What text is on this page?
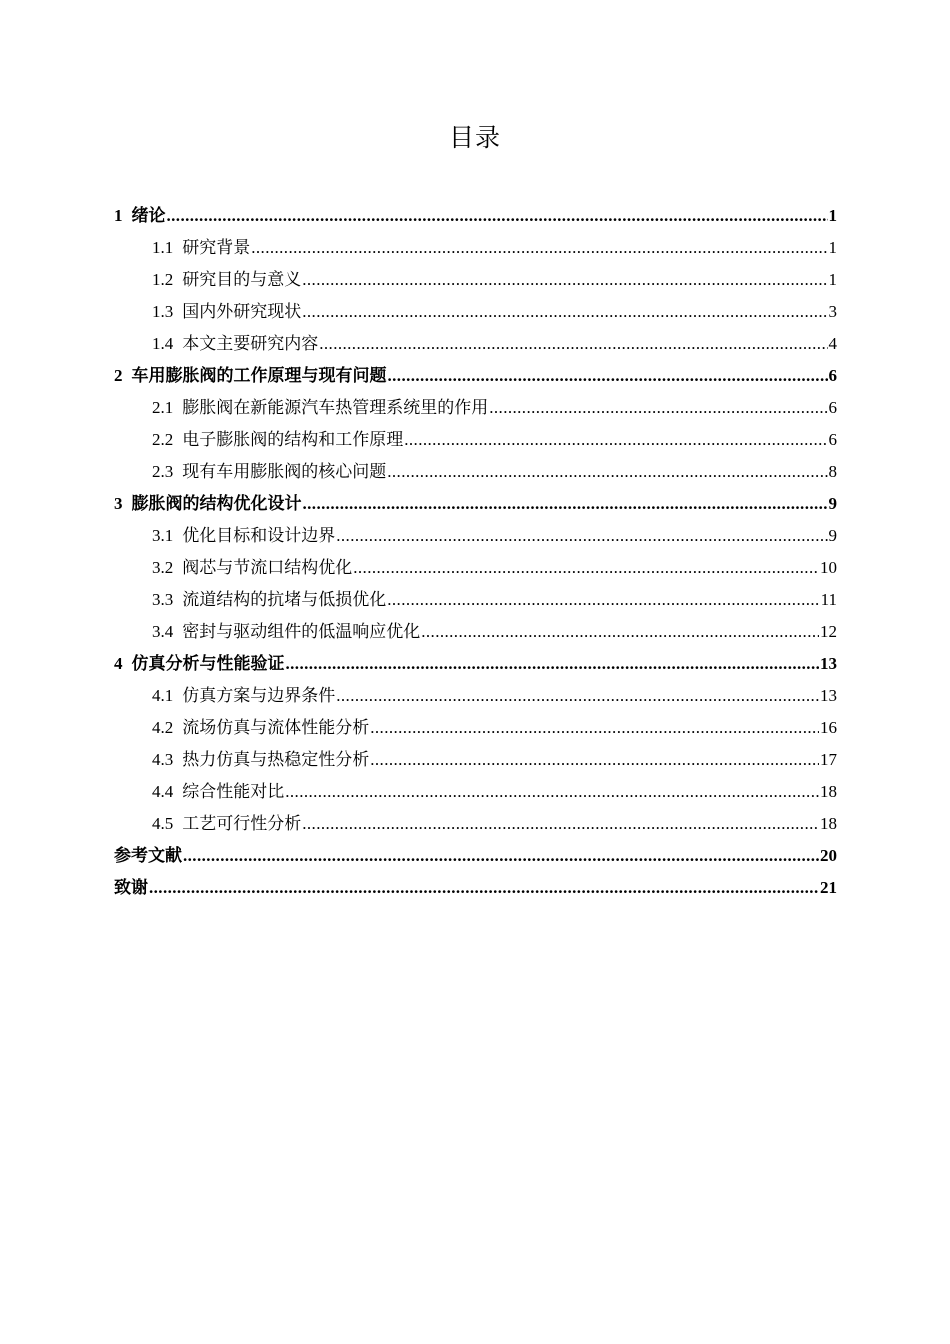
目录
1 绪论 .....	1
1.1 研究背景 .....	1
1.2 研究目的与意义 .....	1
1.3 国内外研究现状 .....	3
1.4 本文主要研究内容 .....	4
2 车用膨胀阀的工作原理与现有问题 .....	6
2.1 膨胀阀在新能源汽车热管理系统里的作用 .....	6
2.2 电子膨胀阀的结构和工作原理 .....	6
2.3 现有车用膨胀阀的核心问题 .....	8
3 膨胀阀的结构优化设计 .....	9
3.1 优化目标和设计边界 .....	9
3.2 阀芯与节流口结构优化 .....	10
3.3 流道结构的抗堵与低损优化 .....	11
3.4 密封与驱动组件的低温响应优化 .....	12
4 仿真分析与性能验证 .....	13
4.1 仿真方案与边界条件 .....	13
4.2 流场仿真与流体性能分析 .....	16
4.3 热力仿真与热稳定性分析 .....	17
4.4 综合性能对比 .....	18
4.5 工艺可行性分析 .....	18
参考文献 .....	20
致谢 .....	21
